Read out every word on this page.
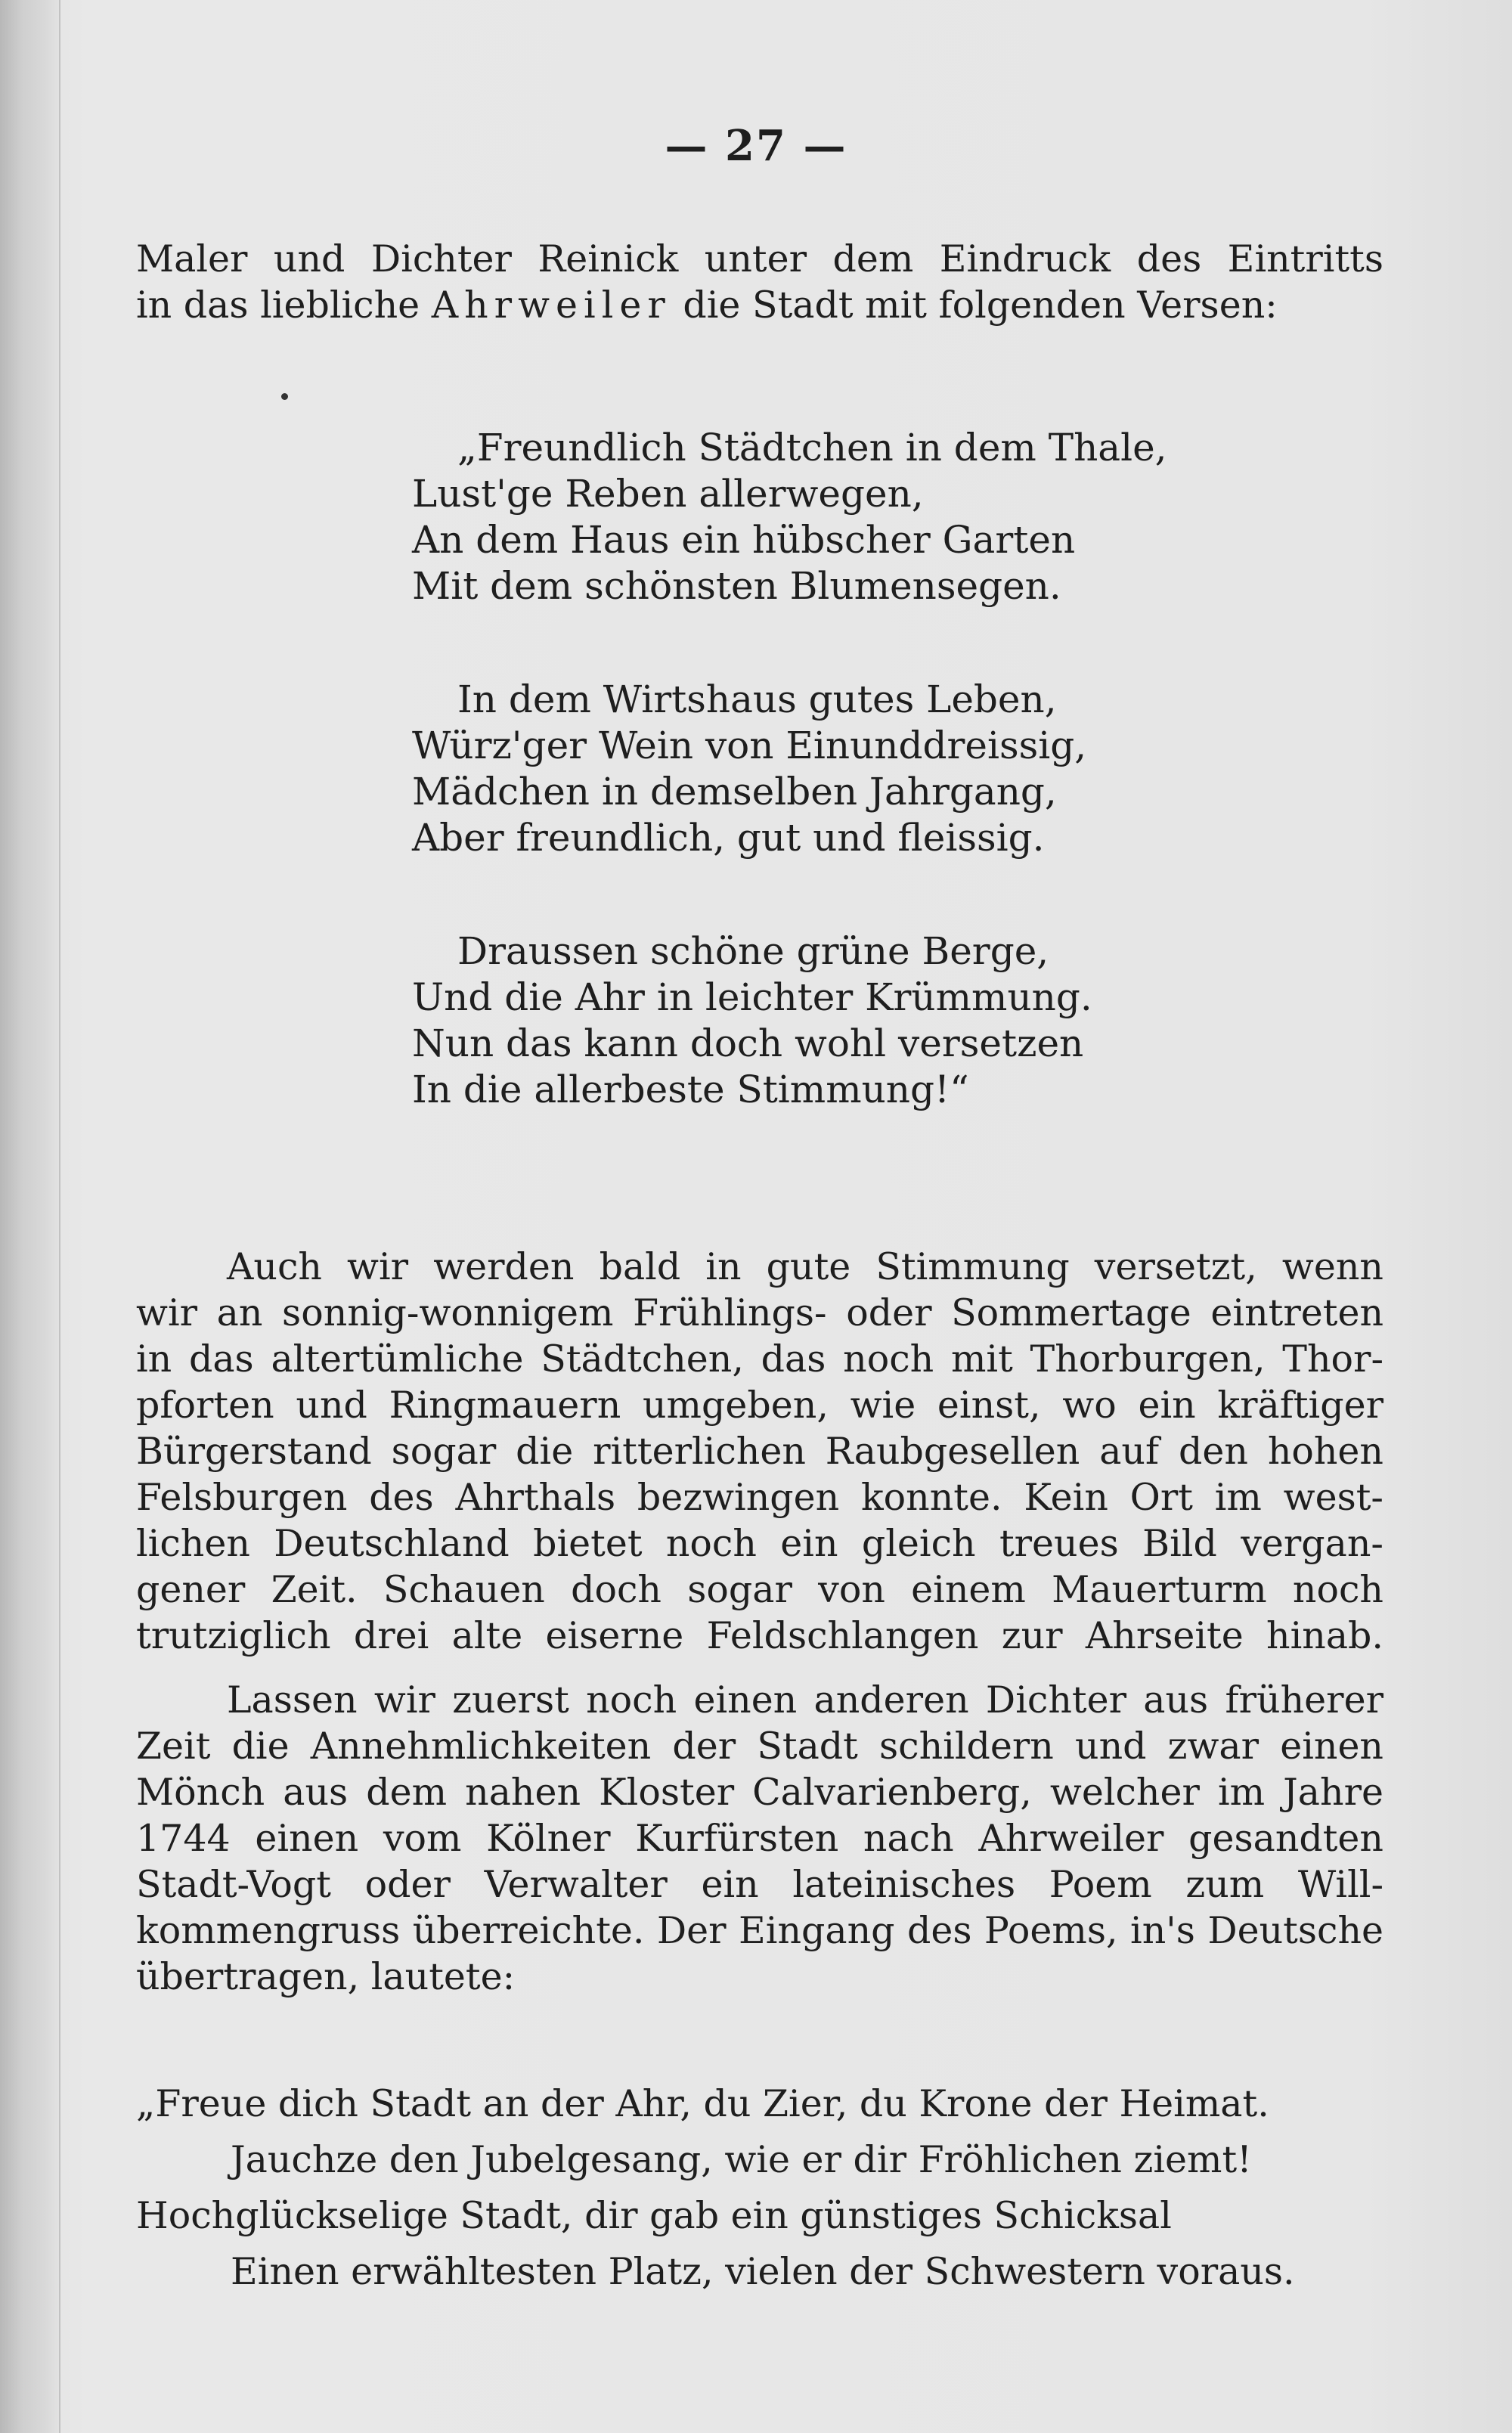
— 27 —
Maler und Dichter Reinick unter dem Eindruck des Eintritts
in das liebliche Ahrweiler die Stadt mit folgenden Versen:
„Freundlich Städtchen in dem Thale,
Lust'ge Reben allerwegen,
An dem Haus ein hübscher Garten
Mit dem schönsten Blumensegen.
In dem Wirtshaus gutes Leben,
Würz'ger Wein von Einunddreissig,
Mädchen in demselben Jahrgang,
Aber freundlich, gut und fleissig.
Draussen schöne grüne Berge,
Und die Ahr in leichter Krümmung.
Nun das kann doch wohl versetzen
In die allerbeste Stimmung!“
Auch wir werden bald in gute Stimmung versetzt, wenn
wir an sonnig-wonnigem Frühlings- oder Sommertage eintreten
in das altertümliche Städtchen, das noch mit Thorburgen, Thor-
pforten und Ringmauern umgeben, wie einst, wo ein kräftiger
Bürgerstand sogar die ritterlichen Raubgesellen auf den hohen
Felsburgen des Ahrthals bezwingen konnte. Kein Ort im west-
lichen Deutschland bietet noch ein gleich treues Bild vergan-
gener Zeit. Schauen doch sogar von einem Mauerturm noch
trutziglich drei alte eiserne Feldschlangen zur Ahrseite hinab.
Lassen wir zuerst noch einen anderen Dichter aus früherer
Zeit die Annehmlichkeiten der Stadt schildern und zwar einen
Mönch aus dem nahen Kloster Calvarienberg, welcher im Jahre
1744 einen vom Kölner Kurfürsten nach Ahrweiler gesandten
Stadt-Vogt oder Verwalter ein lateinisches Poem zum Will-
kommengruss überreichte. Der Eingang des Poems, in's Deutsche
übertragen, lautete:
„Freue dich Stadt an der Ahr, du Zier, du Krone der Heimat.
Jauchze den Jubelgesang, wie er dir Fröhlichen ziemt!
Hochglückselige Stadt, dir gab ein günstiges Schicksal
Einen erwähltesten Platz, vielen der Schwestern voraus.
